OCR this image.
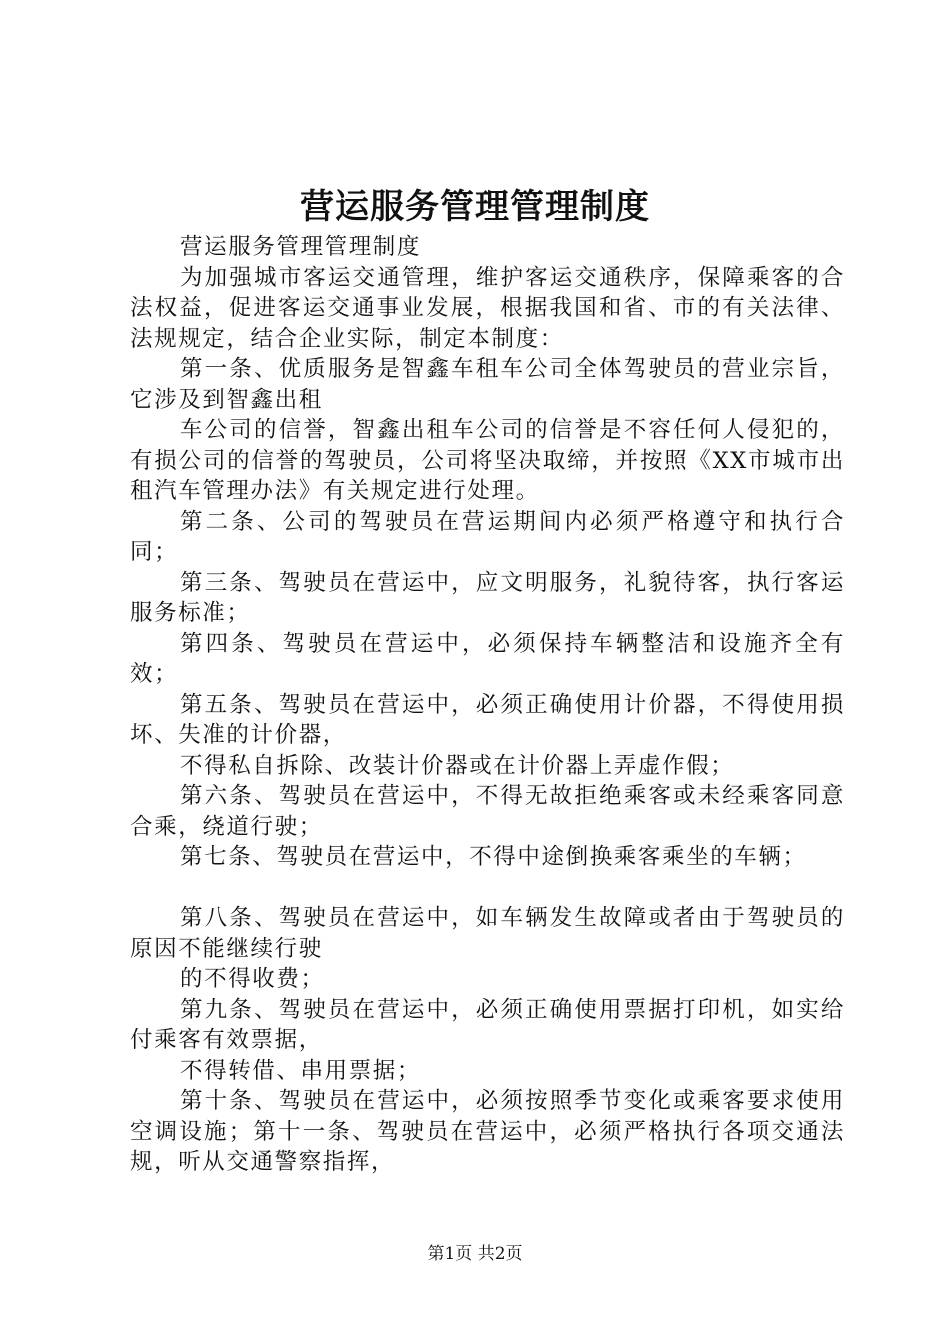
营运服务管理管理制度

营运服务管理管理制度

为加强城市客运交通管理，维护客运交通秩序，保障乘客的合法权益，促进客运交通事业发展，根据我国和省、市的有关法律、法规规定，结合企业实际，制定本制度：

第一条、优质服务是智鑫车租车公司全体驾驶员的营业宗旨，它涉及到智鑫出租

车公司的信誉，智鑫出租车公司的信誉是不容任何人侵犯的，有损公司的信誉的驾驶员，公司将坚决取缔，并按照《XX市城市出租汽车管理办法》有关规定进行处理。

第二条、公司的驾驶员在营运期间内必须严格遵守和执行合同；

第三条、驾驶员在营运中，应文明服务，礼貌待客，执行客运服务标准；

第四条、驾驶员在营运中，必须保持车辆整洁和设施齐全有效；

第五条、驾驶员在营运中，必须正确使用计价器，不得使用损坏、失准的计价器，

不得私自拆除、改装计价器或在计价器上弄虚作假；

第六条、驾驶员在营运中，不得无故拒绝乘客或未经乘客同意合乘，绕道行驶；

第七条、驾驶员在营运中，不得中途倒换乘客乘坐的车辆；

第八条、驾驶员在营运中，如车辆发生故障或者由于驾驶员的原因不能继续行驶

的不得收费；

第九条、驾驶员在营运中，必须正确使用票据打印机，如实给付乘客有效票据，

不得转借、串用票据；

第十条、驾驶员在营运中，必须按照季节变化或乘客要求使用空调设施；第十一条、驾驶员在营运中，必须严格执行各项交通法规，听从交通警察指挥，

第1页 共2页
